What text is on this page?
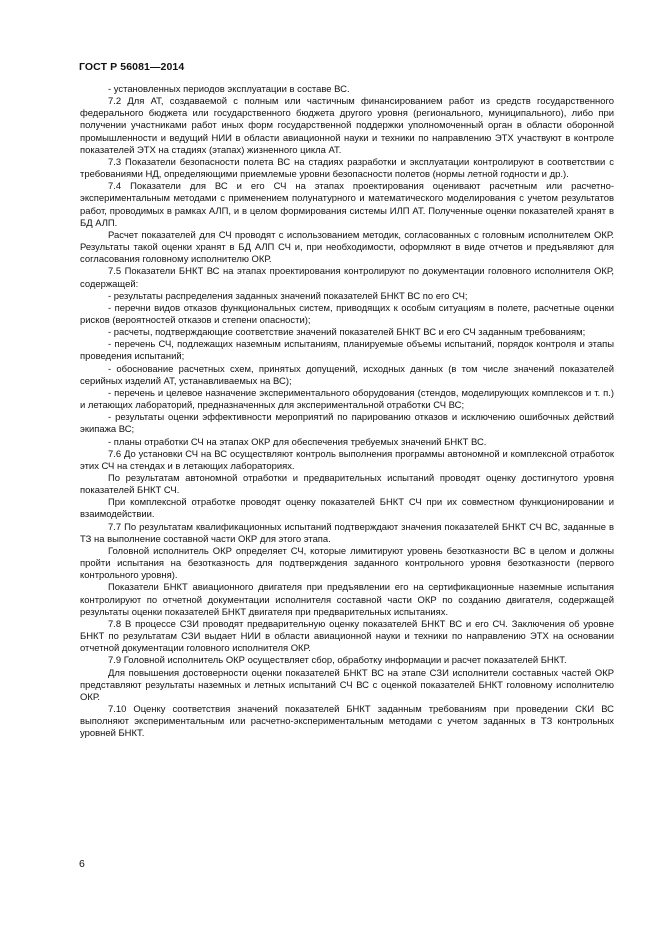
ГОСТ Р 56081—2014

- установленных периодов эксплуатации в составе ВС.

7.2 Для АТ, создаваемой с полным или частичным финансированием работ из средств государственного федерального бюджета или государственного бюджета другого уровня (регионального, муниципального), либо при получении участниками работ иных форм государственной поддержки уполномоченный орган в области оборонной промышленности и ведущий НИИ в области авиационной науки и техники по направлению ЭТХ участвуют в контроле показателей ЭТХ на стадиях (этапах) жизненного цикла АТ.

7.3 Показатели безопасности полета ВС на стадиях разработки и эксплуатации контролируют в соответствии с требованиями НД, определяющими приемлемые уровни безопасности полетов (нормы летной годности и др.).

7.4 Показатели для ВС и его СЧ на этапах проектирования оценивают расчетным или расчетно-экспериментальным методами с применением полунатурного и математического моделирования с учетом результатов работ, проводимых в рамках АЛП, и в целом формирования системы ИЛП АТ. Полученные оценки показателей хранят в БД АЛП.

Расчет показателей для СЧ проводят с использованием методик, согласованных с головным исполнителем ОКР. Результаты такой оценки хранят в БД АЛП СЧ и, при необходимости, оформляют в виде отчетов и предъявляют для согласования головному исполнителю ОКР.

7.5 Показатели БНКТ ВС на этапах проектирования контролируют по документации головного исполнителя ОКР, содержащей:

- результаты распределения заданных значений показателей БНКТ ВС по его СЧ;

- перечни видов отказов функциональных систем, приводящих к особым ситуациям в полете, расчетные оценки рисков (вероятностей отказов и степени опасности);

- расчеты, подтверждающие соответствие значений показателей БНКТ ВС и его СЧ заданным требованиям;

- перечень СЧ, подлежащих наземным испытаниям, планируемые объемы испытаний, порядок контроля и этапы проведения испытаний;

- обоснование расчетных схем, принятых допущений, исходных данных (в том числе значений показателей серийных изделий АТ, устанавливаемых на ВС);

- перечень и целевое назначение экспериментального оборудования (стендов, моделирующих комплексов и т. п.) и летающих лабораторий, предназначенных для экспериментальной отработки СЧ ВС;

- результаты оценки эффективности мероприятий по парированию отказов и исключению ошибочных действий экипажа ВС;

- планы отработки СЧ на этапах ОКР для обеспечения требуемых значений БНКТ ВС.

7.6 До установки СЧ на ВС осуществляют контроль выполнения программы автономной и комплексной отработок этих СЧ на стендах и в летающих лабораториях.

По результатам автономной отработки и предварительных испытаний проводят оценку достигнутого уровня показателей БНКТ СЧ.

При комплексной отработке проводят оценку показателей БНКТ СЧ при их совместном функционировании и взаимодействии.

7.7 По результатам квалификационных испытаний подтверждают значения показателей БНКТ СЧ ВС, заданные в ТЗ на выполнение составной части ОКР для этого этапа.

Головной исполнитель ОКР определяет СЧ, которые лимитируют уровень безотказности ВС в целом и должны пройти испытания на безотказность для подтверждения заданного контрольного уровня безотказности (первого контрольного уровня).

Показатели БНКТ авиационного двигателя при предъявлении его на сертификационные наземные испытания контролируют по отчетной документации исполнителя составной части ОКР по созданию двигателя, содержащей результаты оценки показателей БНКТ двигателя при предварительных испытаниях.

7.8 В процессе СЗИ проводят предварительную оценку показателей БНКТ ВС и его СЧ. Заключения об уровне БНКТ по результатам СЗИ выдает НИИ в области авиационной науки и техники по направлению ЭТХ на основании отчетной документации головного исполнителя ОКР.

7.9 Головной исполнитель ОКР осуществляет сбор, обработку информации и расчет показателей БНКТ.

Для повышения достоверности оценки показателей БНКТ ВС на этапе СЗИ исполнители составных частей ОКР представляют результаты наземных и летных испытаний СЧ ВС с оценкой показателей БНКТ головному исполнителю ОКР.

7.10 Оценку соответствия значений показателей БНКТ заданным требованиям при проведении СКИ ВС выполняют экспериментальным или расчетно-экспериментальным методами с учетом заданных в ТЗ контрольных уровней БНКТ.

6
